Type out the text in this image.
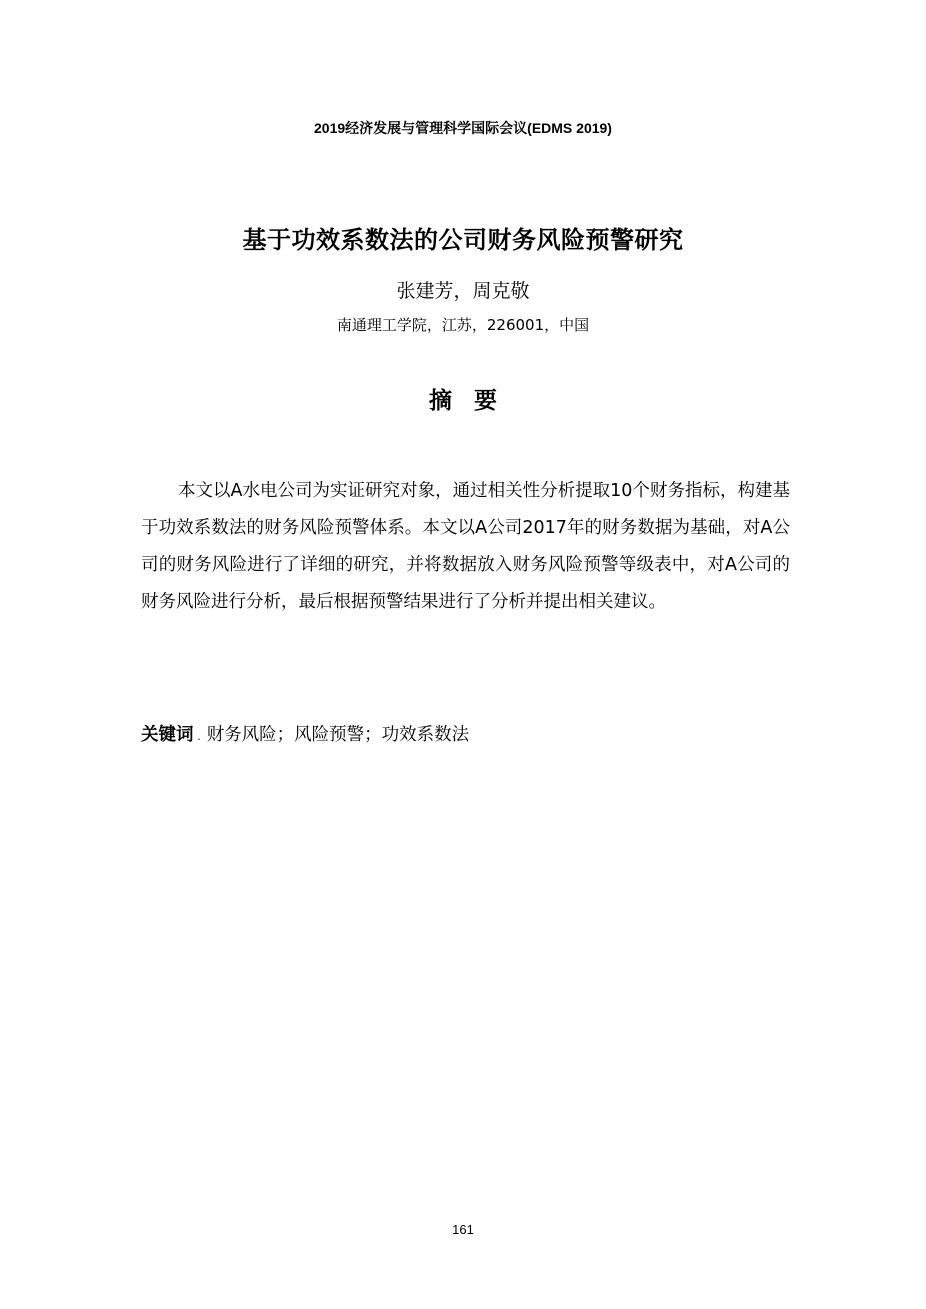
2019经济发展与管理科学国际会议(EDMS 2019)
基于功效系数法的公司财务风险预警研究
张建芳，周克敬
南通理工学院，江苏，226001，中国
摘要
本文以A水电公司为实证研究对象，通过相关性分析提取10个财务指标，构建基于功效系数法的财务风险预警体系。本文以A公司2017年的财务数据为基础，对A公司的财务风险进行了详细的研究，并将数据放入财务风险预警等级表中，对A公司的财务风险进行分析，最后根据预警结果进行了分析并提出相关建议。
关键词 . 财务风险；风险预警；功效系数法
161
